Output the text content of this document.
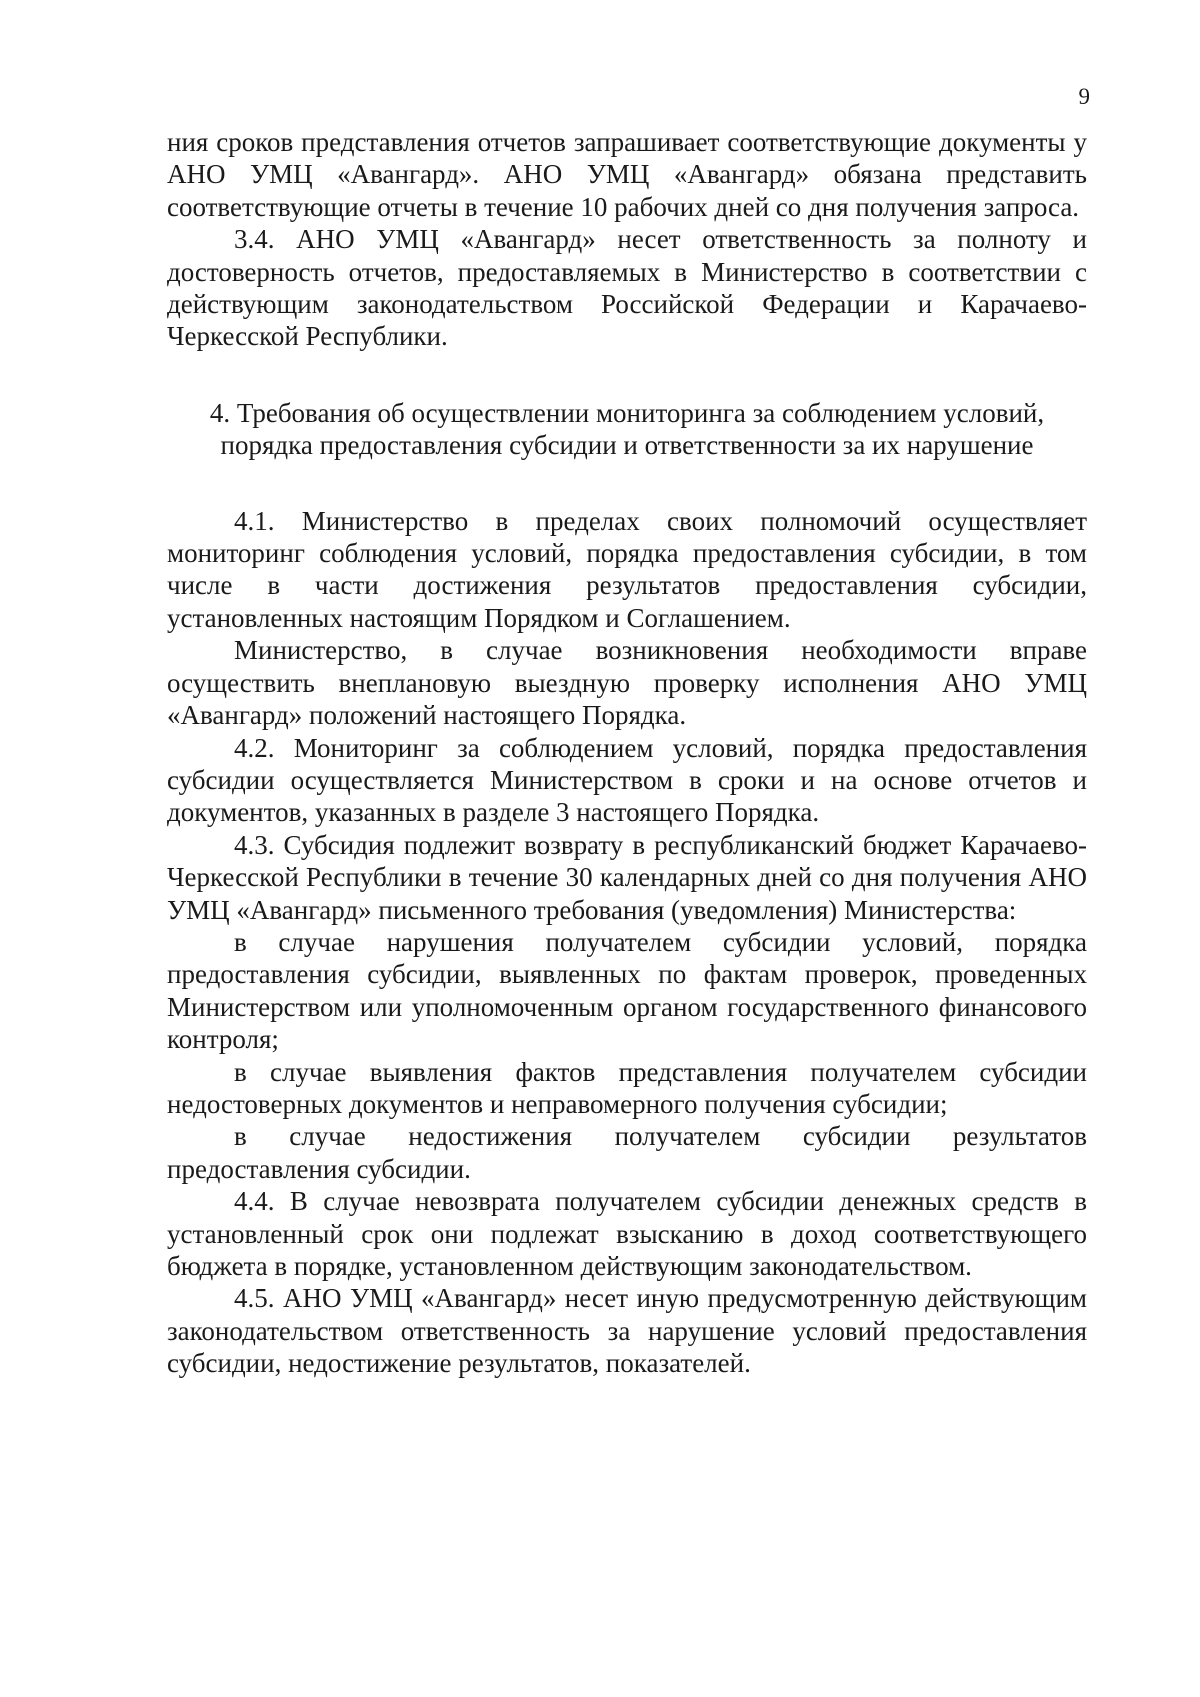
9

ния сроков представления отчетов запрашивает соответствующие документы у АНО УМЦ «Авангард». АНО УМЦ «Авангард» обязана представить соответствующие отчеты в течение 10 рабочих дней со дня получения запроса.

3.4. АНО УМЦ «Авангард» несет ответственность за полноту и достоверность отчетов, предоставляемых в Министерство в соответствии с действующим законодательством Российской Федерации и Карачаево-Черкесской Республики.

4. Требования об осуществлении мониторинга за соблюдением условий, порядка предоставления субсидии и ответственности за их нарушение

4.1. Министерство в пределах своих полномочий осуществляет мониторинг соблюдения условий, порядка предоставления субсидии, в том числе в части достижения результатов предоставления субсидии, установленных настоящим Порядком и Соглашением.

Министерство, в случае возникновения необходимости вправе осуществить внеплановую выездную проверку исполнения АНО УМЦ «Авангард» положений настоящего Порядка.

4.2. Мониторинг за соблюдением условий, порядка предоставления субсидии осуществляется Министерством в сроки и на основе отчетов и документов, указанных в разделе 3 настоящего Порядка.

4.3. Субсидия подлежит возврату в республиканский бюджет Карачаево-Черкесской Республики в течение 30 календарных дней со дня получения АНО УМЦ «Авангард» письменного требования (уведомления) Министерства:

в случае нарушения получателем субсидии условий, порядка предоставления субсидии, выявленных по фактам проверок, проведенных Министерством или уполномоченным органом государственного финансового контроля;

в случае выявления фактов представления получателем субсидии недостоверных документов и неправомерного получения субсидии;

в случае недостижения получателем субсидии результатов предоставления субсидии.

4.4. В случае невозврата получателем субсидии денежных средств в установленный срок они подлежат взысканию в доход соответствующего бюджета в порядке, установленном действующим законодательством.

4.5. АНО УМЦ «Авангард» несет иную предусмотренную действующим законодательством ответственность за нарушение условий предоставления субсидии, недостижение результатов, показателей.
